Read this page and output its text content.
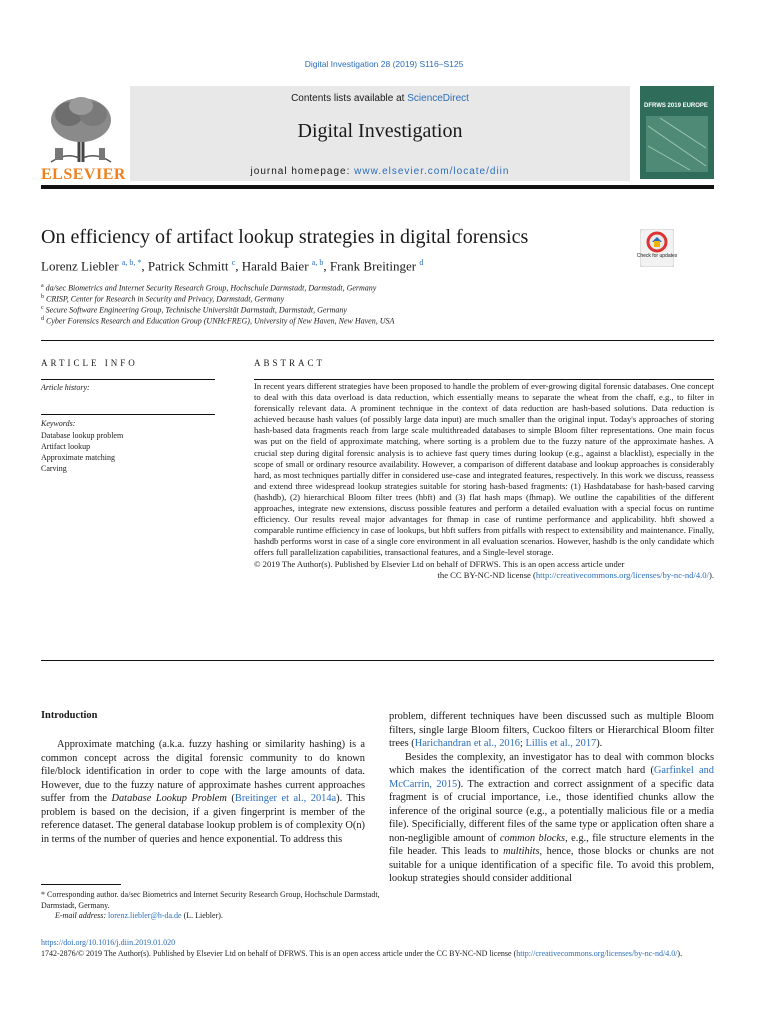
Digital Investigation 28 (2019) S116–S125
ELSEVIER
Contents lists available at ScienceDirect
Digital Investigation
journal homepage: www.elsevier.com/locate/diin
DFRWS 2019 EUROPE
On efficiency of artifact lookup strategies in digital forensics
Check for updates
Lorenz Liebler $^{a, b, *}$, Patrick Schmitt $^c$, Harald Baier $^{a, b}$, Frank Breitinger $^d$
$^a$ da/sec Biometrics and Internet Security Research Group, Hochschule Darmstadt, Darmstadt, Germany
$^b$ CRISP, Center for Research in Security and Privacy, Darmstadt, Germany
$^c$ Secure Software Engineering Group, Technische Universität Darmstadt, Darmstadt, Germany
$^d$ Cyber Forensics Research and Education Group (UNHcFREG), University of New Haven, New Haven, USA
ARTICLE INFO
Article history:
Keywords:
Database lookup problem
Artifact lookup
Approximate matching
Carving
ABSTRACT
In recent years different strategies have been proposed to handle the problem of ever-growing digital forensic databases. One concept to deal with this data overload is data reduction, which essentially means to separate the wheat from the chaff, e.g., to filter in forensically relevant data. A prominent technique in the context of data reduction are hash-based solutions. Data reduction is achieved because hash values (of possibly large data input) are much smaller than the original input. Today's approaches of storing hash-based data fragments reach from large scale multithreaded databases to simple Bloom filter representations. One main focus was put on the field of approximate matching, where sorting is a problem due to the fuzzy nature of the approximate hashes. A crucial step during digital forensic analysis is to achieve fast query times during lookup (e.g., against a blacklist), especially in the scope of small or ordinary resource availability. However, a comparison of different database and lookup approaches is considerably hard, as most techniques partially differ in considered use-case and integrated features, respectively. In this work we discuss, reassess and extend three widespread lookup strategies suitable for storing hash-based fragments: (1) Hashdatabase for hash-based carving (hashdb), (2) hierarchical Bloom filter trees (hbft) and (3) flat hash maps (fhmap). We outline the capabilities of the different approaches, integrate new extensions, discuss possible features and perform a detailed evaluation with a special focus on runtime efficiency. Our results reveal major advantages for fhmap in case of runtime performance and applicability. hbft showed a comparable runtime efficiency in case of lookups, but hbft suffers from pitfalls with respect to extensibility and maintenance. Finally, hashdb performs worst in case of a single core environment in all evaluation scenarios. However, hashdb is the only candidate which offers full parallelization capabilities, transactional features, and a Single-level storage.
© 2019 The Author(s). Published by Elsevier Ltd on behalf of DFRWS. This is an open access article under
the CC BY-NC-ND license (http://creativecommons.org/licenses/by-nc-nd/4.0/).
Introduction

Approximate matching (a.k.a. fuzzy hashing or similarity hashing) is a common concept across the digital forensic community to do known file/block identification in order to cope with the large amounts of data. However, due to the fuzzy nature of approximate hashes current approaches suffer from the Database Lookup Problem (Breitinger et al., 2014a). This problem is based on the decision, if a given fingerprint is member of the reference dataset. The general database lookup problem is of complexity O(n) in terms of the number of queries and hence exponential. To address this

problem, different techniques have been discussed such as multiple Bloom filters, single large Bloom filters, Cuckoo filters or Hierarchical Bloom filter trees (Harichandran et al., 2016; Lillis et al., 2017).

Besides the complexity, an investigator has to deal with common blocks which makes the identification of the correct match hard (Garfinkel and McCarrin, 2015). The extraction and correct assignment of a specific data fragment is of crucial importance, i.e., those identified chunks allow the inference of the original source (e.g., a potentially malicious file or a media file). Specificially, different files of the same type or application often share a non-negligible amount of common blocks, e.g., file structure elements in the file header. This leads to multihits, hence, those blocks or chunks are not suitable for a unique identification of a specific file. To avoid this problem, lookup strategies should consider additional

* Corresponding author. da/sec Biometrics and Internet Security Research Group, Hochschule Darmstadt, Darmstadt, Germany.
E-mail address: lorenz.liebler@h-da.de (L. Liebler).
https://doi.org/10.1016/j.diin.2019.01.020
1742-2876/© 2019 The Author(s). Published by Elsevier Ltd on behalf of DFRWS. This is an open access article under the CC BY-NC-ND license (http://creativecommons.org/licenses/by-nc-nd/4.0/).
